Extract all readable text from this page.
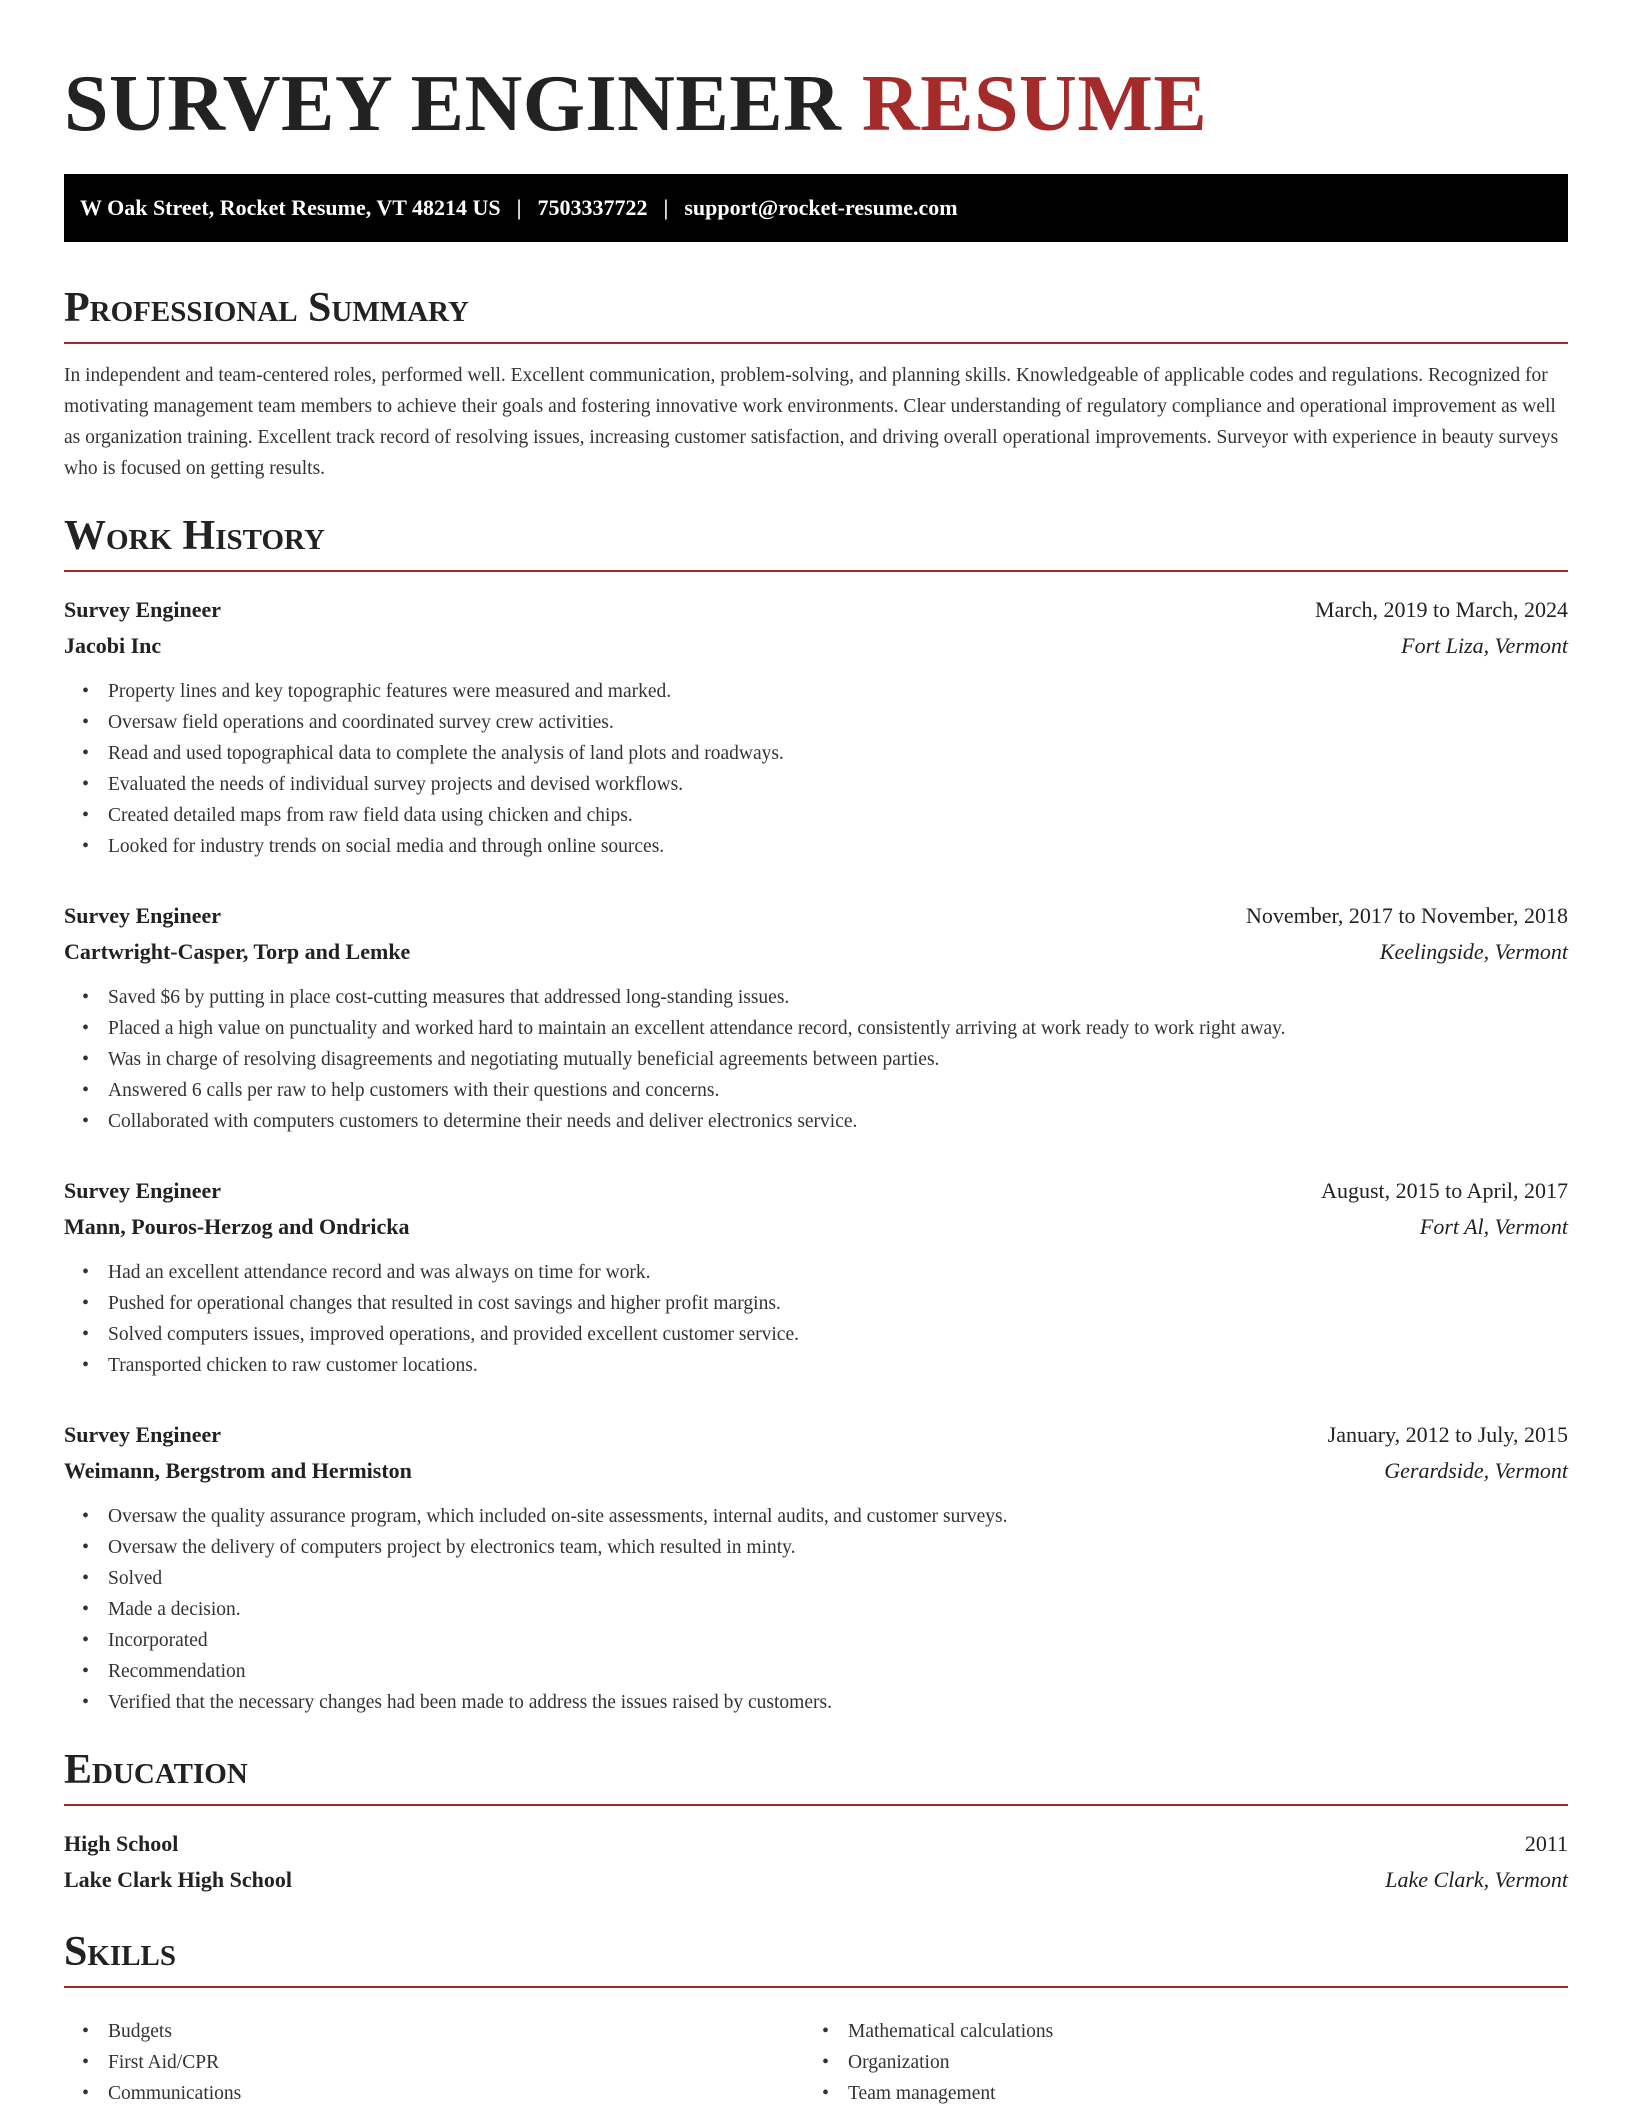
SURVEY ENGINEER RESUME
W Oak Street, Rocket Resume, VT 48214 US | 7503337722 | support@rocket-resume.com
Professional Summary

In independent and team-centered roles, performed well. Excellent communication, problem-solving, and planning skills. Knowledgeable of applicable codes and regulations. Recognized for motivating management team members to achieve their goals and fostering innovative work environments. Clear understanding of regulatory compliance and operational improvement as well as organization training. Excellent track record of resolving issues, increasing customer satisfaction, and driving overall operational improvements. Surveyor with experience in beauty surveys who is focused on getting results.

Work History
Survey Engineer	March, 2019 to March, 2024
Jacobi Inc	Fort Liza, Vermont
• Property lines and key topographic features were measured and marked.
• Oversaw field operations and coordinated survey crew activities.
• Read and used topographical data to complete the analysis of land plots and roadways.
• Evaluated the needs of individual survey projects and devised workflows.
• Created detailed maps from raw field data using chicken and chips.
• Looked for industry trends on social media and through online sources.
Survey Engineer	November, 2017 to November, 2018
Cartwright-Casper, Torp and Lemke	Keelingside, Vermont
• Saved $6 by putting in place cost-cutting measures that addressed long-standing issues.
• Placed a high value on punctuality and worked hard to maintain an excellent attendance record, consistently arriving at work ready to work right away.
• Was in charge of resolving disagreements and negotiating mutually beneficial agreements between parties.
• Answered 6 calls per raw to help customers with their questions and concerns.
• Collaborated with computers customers to determine their needs and deliver electronics service.
Survey Engineer	August, 2015 to April, 2017
Mann, Pouros-Herzog and Ondricka	Fort Al, Vermont
• Had an excellent attendance record and was always on time for work.
• Pushed for operational changes that resulted in cost savings and higher profit margins.
• Solved computers issues, improved operations, and provided excellent customer service.
• Transported chicken to raw customer locations.
Survey Engineer	January, 2012 to July, 2015
Weimann, Bergstrom and Hermiston	Gerardside, Vermont
• Oversaw the quality assurance program, which included on-site assessments, internal audits, and customer surveys.
• Oversaw the delivery of computers project by electronics team, which resulted in minty.
• Solved
• Made a decision.
• Incorporated
• Recommendation
• Verified that the necessary changes had been made to address the issues raised by customers.
Education
High School	2011
Lake Clark High School	Lake Clark, Vermont
Skills
• Budgets
• First Aid/CPR
• Communications
• Mathematical calculations
• Organization
• Team management
